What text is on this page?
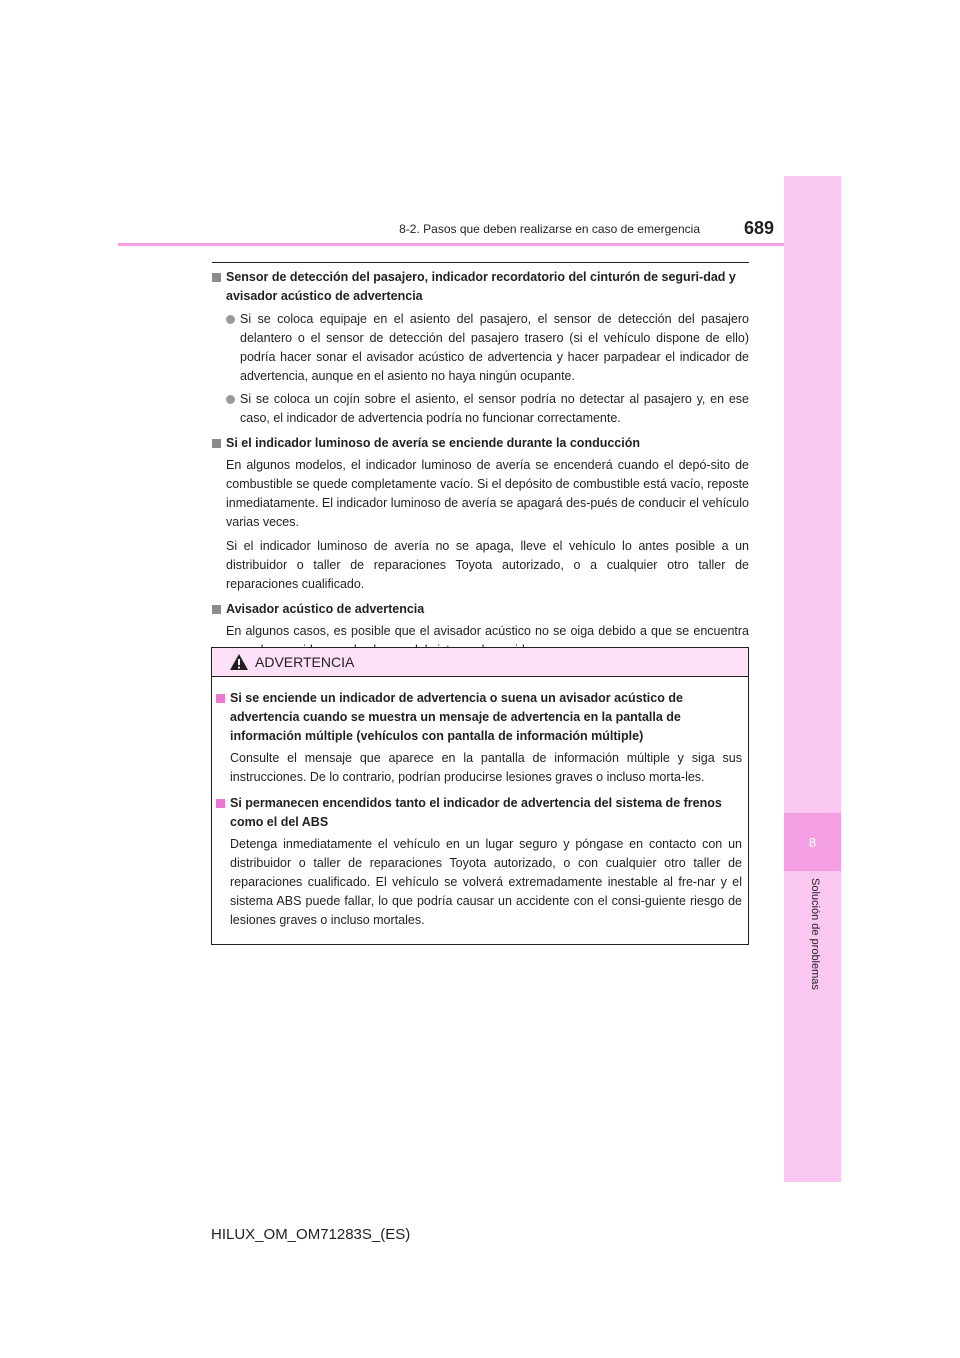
8
Solución de problemas
8-2. Pasos que deben realizarse en caso de emergencia	689
Sensor de detección del pasajero, indicador recordatorio del cinturón de seguri-dad y avisador acústico de advertencia
Si se coloca equipaje en el asiento del pasajero, el sensor de detección del pasajero delantero o el sensor de detección del pasajero trasero (si el vehículo dispone de ello) podría hacer sonar el avisador acústico de advertencia y hacer parpadear el indicador de advertencia, aunque en el asiento no haya ningún ocupante.
Si se coloca un cojín sobre el asiento, el sensor podría no detectar al pasajero y, en ese caso, el indicador de advertencia podría no funcionar correctamente.
Si el indicador luminoso de avería se enciende durante la conducción
En algunos modelos, el indicador luminoso de avería se encenderá cuando el depó-sito de combustible se quede completamente vacío. Si el depósito de combustible está vacío, reposte inmediatamente. El indicador luminoso de avería se apagará des-pués de conducir el vehículo varias veces.
Si el indicador luminoso de avería no se apaga, lleve el vehículo lo antes posible a un distribuidor o taller de reparaciones Toyota autorizado, o a cualquier otro taller de reparaciones cualificado.
Avisador acústico de advertencia
En algunos casos, es posible que el avisador acústico no se oiga debido a que se encuentra
ADVERTENCIA
Si se enciende un indicador de advertencia o suena un avisador acústico de advertencia cuando se muestra un mensaje de advertencia en la pantalla de información múltiple (vehículos con pantalla de información múltiple)
Consulte el mensaje que aparece en la pantalla de información múltiple y siga sus instrucciones. De lo contrario, podrían producirse lesiones graves o incluso morta-les.
Si permanecen encendidos tanto el indicador de advertencia del sistema de frenos como el del ABS
Detenga inmediatamente el vehículo en un lugar seguro y póngase en contacto con un distribuidor o taller de reparaciones Toyota autorizado, o con cualquier otro taller de reparaciones cualificado. El vehículo se volverá extremadamente inestable al fre-nar y el sistema ABS puede fallar, lo que podría causar un accidente con el consi-guiente riesgo de lesiones graves o incluso mortales.
HILUX_OM_OM71283S_(ES)
